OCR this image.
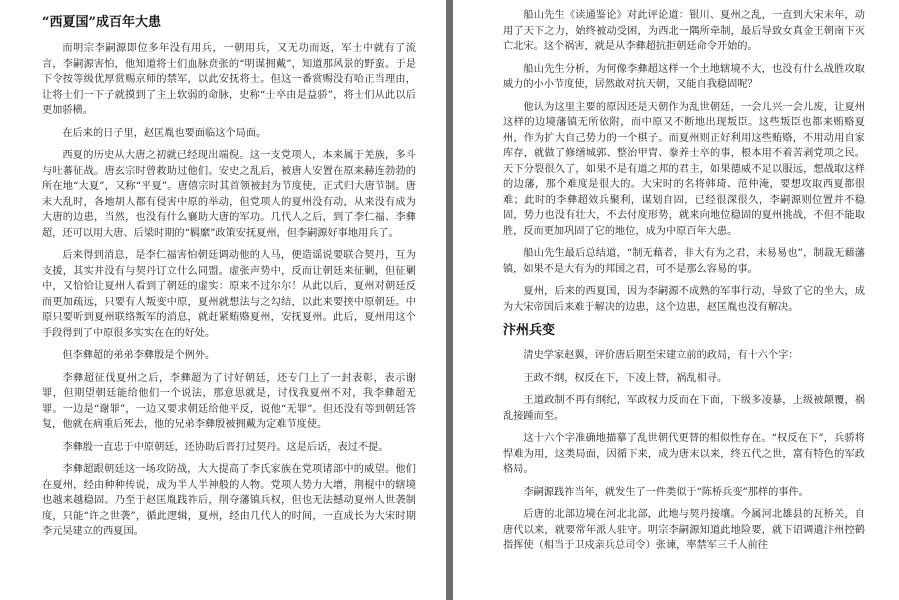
“西夏国”成百年大患

而明宗李嗣源即位多年没有用兵，一朝用兵，又无功而返，军士中就有了流言，李嗣源害怕，他知道将士们血脉贲张的“明谋拥戴”，知道那风景的野蛮。于是下令按等级优厚赏赐京师的禁军，以此安抚将士。但这一番赏赐没有哈正当理由，让将士们一下子就摸到了主上软弱的命脉，史称“士卒由是益骄”，将士们从此以后更加骄横。

在后来的日子里，赵匡胤也要面临这个局面。

西夏的历史从大唐之初就已经现出端倪。这一支党项人，本来属于羌族，多斗与吐蕃征战。唐玄宗时曾救助过他们。安史之乱后，被唐人安置在原来赫连勃勃的所在地“大夏”，又称“平夏”。唐僖宗时其首领被封为节度使，正式归大唐节制。唐末大乱时，各地胡人都有侵害中原的举动，但党项人的夏州没有动，从来没有成为大唐的边患，当然，也没有什么襄助大唐的军功。几代人之后，到了李仁福、李彝超，还可以用大唐、后梁时期的“羁縻”政策安抚夏州，但李嗣源好事地用兵了。

后来得到消息，是李仁福害怕朝廷调动他的人马，便造谣说要联合契丹，互为支援，其实并没有与契丹订立什么同盟。虚张声势中，反而让朝廷来征剿，但征剿中，又恰恰让夏州人看到了朝廷的虚实：原来不过尔尔！从此以后，夏州对朝廷反而更加疏远，只要有人叛变中原，夏州就想法与之勾结，以此来要挟中原朝廷。中原只要听到夏州联络叛军的消息，就赶紧贿赂夏州，安抚夏州。此后，夏州用这个手段得到了中原很多实实在在的好处。

但李彝超的弟弟李彝殷是个例外。

李彝超征伐夏州之后，李彝超为了讨好朝廷，还专门上了一封表彰，表示谢罪，但期望朝廷能给他们一个说法，那意思就是，讨伐我夏州不对，我李彝超无罪。一边是“谢罪”，一边又要求朝廷给他平反，说他“无罪”。但还没有等到朝廷答复，他就在病重后死去，他的兄弟李彝殷被拥戴为定难节度使。

李彝殷一直忠于中原朝廷，还协助后晋打过契丹。这是后话，表过不提。

李彝超跟朝廷这一场攻防战，大大提高了李氏家族在党项诸部中的威望。他们在夏州，经由种种传说，成为半人半神般的人物。党项人势力大增，荆棍中的辖境也越来越稳固。乃至于赵匡胤践祚后，削夺藩镇兵权，但也无法撼动夏州人世袭制度，只能“许之世袭”，循此逻辑，夏州，经由几代人的时间，一直成长为大宋时期李元昊建立的西夏国。

船山先生《读通鉴论》对此评论道：银川、夏州之乱，一直到大宋末年，动用了天下之力，始终被动受困，为西北一隅所牵制，最后导致女真金王朝南下灭亡北宋。这个祸害，就是从李彝超抗拒朝廷命令开始的。

船山先生分析，为何像李彝超这样一个土地辖境不大，也没有什么战胜攻取威力的小小节度使，居然敢对抗天朝，又能自我稳固呢？

他认为这里主要的原因还是天朝作为乱世朝廷，一会儿兴一会儿废，让夏州这样的边境藩镇无所依附，而中原又不断地出现叛臣。这些叛臣也都来贿赂夏州，作为扩大自己势力的一个棋子。而夏州则正好利用这些贿赂，不用动用自家库存，就做了修缮城郭、整治甲胄、豢养士卒的事，根本用不着苦剥党项之民。天下分裂很久了，如果不是有道之邦的君主，如果德威不足以服远，想战取这样的边藩，那个难度是很大的。大宋时的名将韩琦、范仲淹，要想攻取西夏都很难；此时的李彝超效兵聚利，谋划自固，已经很深很久，李嗣源则位置并不稳固，势力也没有壮大，不去付度形势，就来向地位稳固的夏州挑战，不但不能取胜，反而更加巩固了它的地位，成为中原百年大患。

船山先生最后总结道，“制无藉者，非大有为之君，未易易也”，制裁无藉藩镇，如果不是大有为的邦国之君，可不是那么容易的事。

夏州，后来的西夏国，因为李嗣源不成熟的军事行动，导致了它的坐大，成为大宋帝国后来难于解决的边患，这个边患，赵匡胤也没有解决。

汴州兵变

清史学家赵翼，评价唐后期至宋建立前的政局，有十六个字：

王政不纲，权反在下，下凌上替，祸乱相寻。

王道政制不再有纲纪，军政权力反而在下面，下级多凌暴，上级被颠覆，祸乱接踵而至。

这十六个字准确地描摹了乱世朝代更替的相似性存在。“权反在下”，兵骄将悍难为用，这类局面，因循下来，成为唐末以来，终五代之世，富有特色的军政格局。

李嗣源践祚当年，就发生了一件类似于“陈桥兵变”那样的事件。

后唐的北部边境在河北北部，此地与契丹接壤。今属河北雄县的瓦桥关，自唐代以来，就要常年派人驻守。明宗李嗣源知道此地险要，就下诏调遣汴州控鹤指挥使（相当于卫戍亲兵总司令）张谏，率禁军三千人前往
